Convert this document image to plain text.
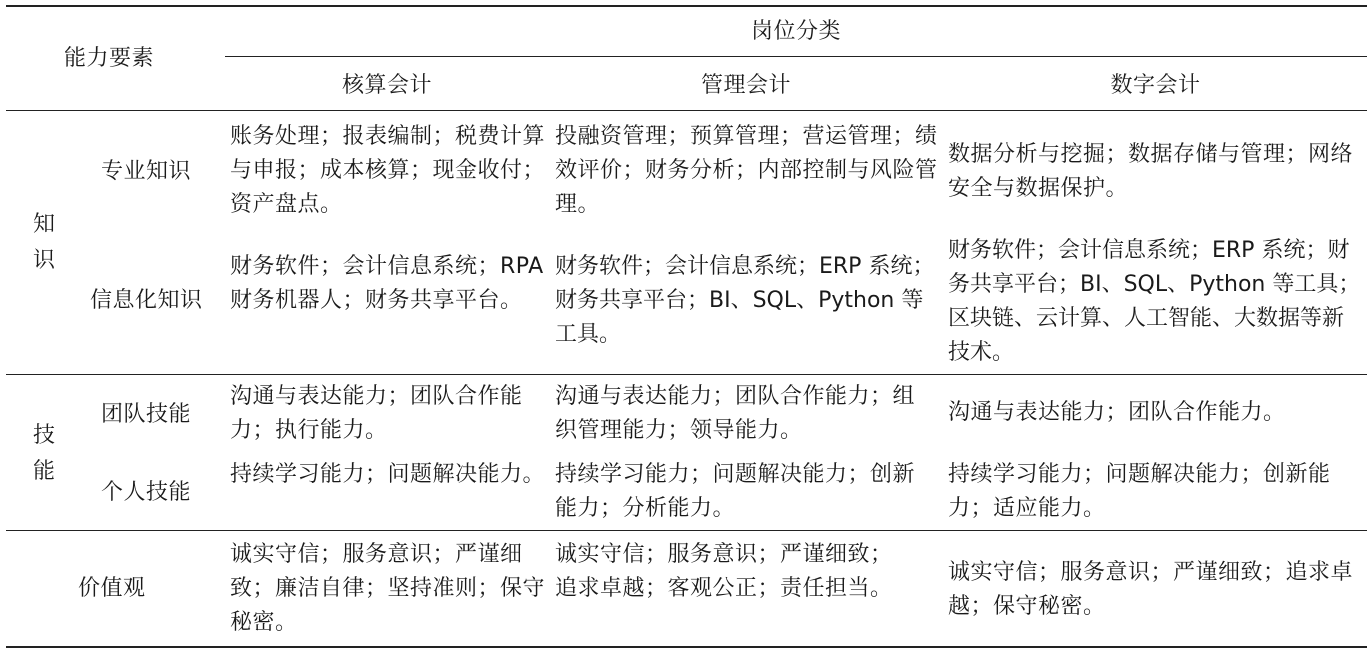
能力要素
岗位分类
核算会计	管理会计	数字会计
知识
专业知识
账务处理；报表编制；税费计算与申报；成本核算；现金收付；资产盘点。
投融资管理；预算管理；营运管理；绩效评价；财务分析；内部控制与风险管理。
数据分析与挖掘；数据存储与管理；网络安全与数据保护。
信息化知识
财务软件；会计信息系统；RPA 财务机器人；财务共享平台。
财务软件；会计信息系统；ERP 系统；财务共享平台；BI、SQL、Python 等工具。
财务软件；会计信息系统；ERP 系统；财务共享平台；BI、SQL、Python 等工具；区块链、云计算、人工智能、大数据等新技术。
技能
团队技能
沟通与表达能力；团队合作能力；执行能力。
沟通与表达能力；团队合作能力；组织管理能力；领导能力。
沟通与表达能力；团队合作能力。
个人技能
持续学习能力；问题解决能力。 持续学习能力；问题解决能力；创新能力；分析能力。
持续学习能力；问题解决能力；创新能力；适应能力。
价值观
诚实守信；服务意识；严谨细致；廉洁自律；坚持准则；保守秘密。
诚实守信；服务意识；严谨细致；追求卓越；客观公正；责任担当。
诚实守信；服务意识；严谨细致；追求卓越；保守秘密。
